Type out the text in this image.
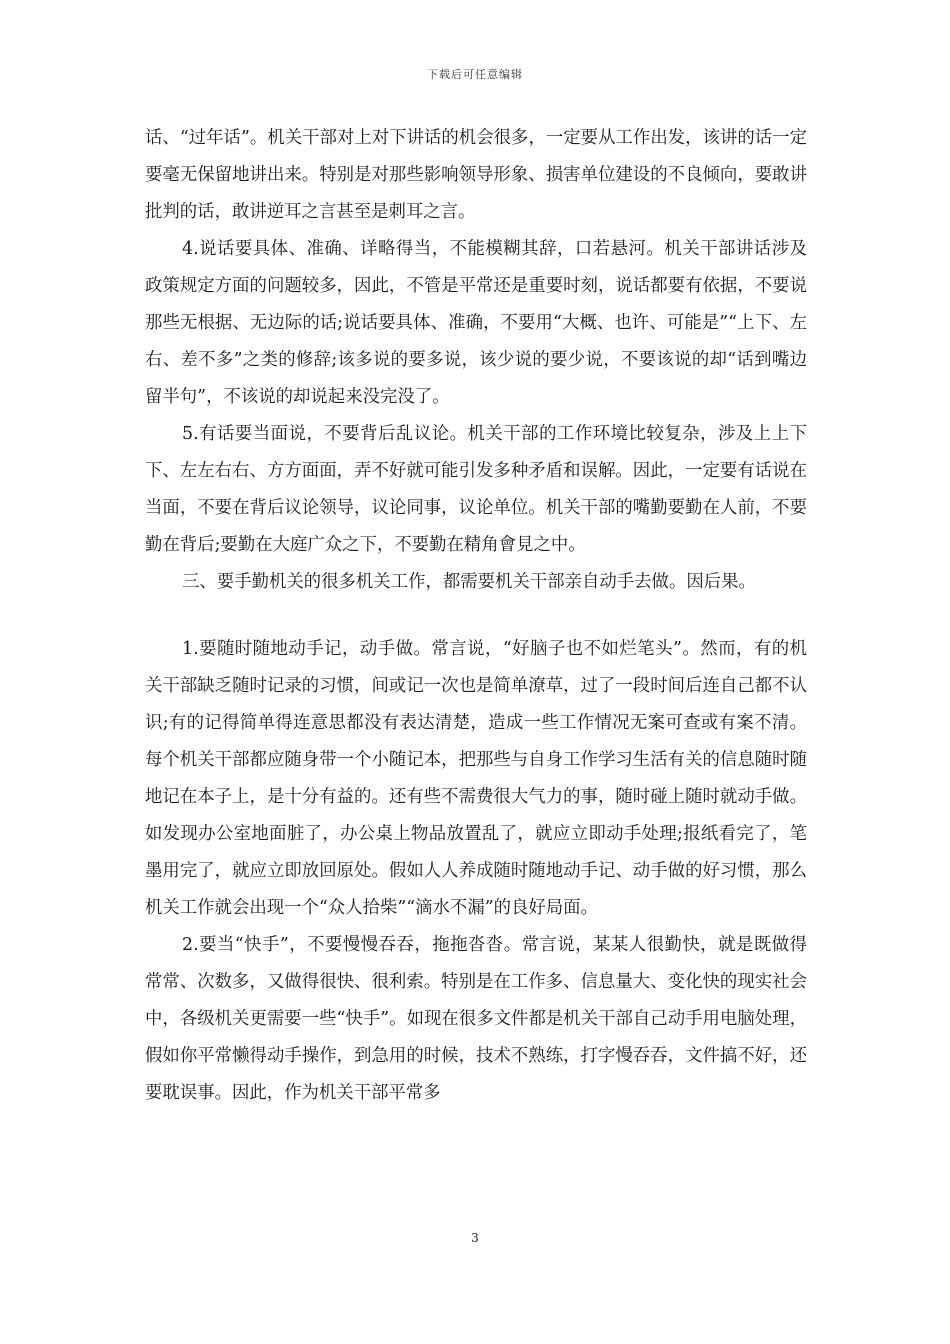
下载后可任意编辑

话、“过年话”。机关干部对上对下讲话的机会很多，一定要从工作出发，该讲的话一定要毫无保留地讲出来。特别是对那些影响领导形象、损害单位建设的不良倾向，要敢讲批判的话，敢讲逆耳之言甚至是刺耳之言。

4.说话要具体、准确、详略得当，不能模糊其辞，口若悬河。机关干部讲话涉及政策规定方面的问题较多，因此，不管是平常还是重要时刻，说话都要有依据，不要说那些无根据、无边际的话;说话要具体、准确，不要用“大概、也许、可能是”“上下、左右、差不多”之类的修辞;该多说的要多说，该少说的要少说，不要该说的却“话到嘴边留半句”，不该说的却说起来没完没了。

5.有话要当面说，不要背后乱议论。机关干部的工作环境比较复杂，涉及上上下下、左左右右、方方面面，弄不好就可能引发多种矛盾和误解。因此，一定要有话说在当面，不要在背后议论领导，议论同事，议论单位。机关干部的嘴勤要勤在人前，不要勤在背后;要勤在大庭广众之下，不要勤在精角會見之中。

三、要手勤机关的很多机关工作，都需要机关干部亲自动手去做。因后果。

1.要随时随地动手记，动手做。常言说，“好脑子也不如烂笔头”。然而，有的机关干部缺乏随时记录的习惯，间或记一次也是简单潦草，过了一段时间后连自己都不认识;有的记得简单得连意思都没有表达清楚，造成一些工作情况无案可查或有案不清。每个机关干部都应随身带一个小随记本，把那些与自身工作学习生活有关的信息随时随地记在本子上，是十分有益的。还有些不需费很大气力的事，随时碰上随时就动手做。如发现办公室地面脏了，办公桌上物品放置乱了，就应立即动手处理;报纸看完了，笔墨用完了，就应立即放回原处。假如人人养成随时随地动手记、动手做的好习惯，那么机关工作就会出现一个“众人拾柴”“滴水不漏”的良好局面。

2.要当“快手”，不要慢慢吞吞，拖拖沓沓。常言说，某某人很勤快，就是既做得常常、次数多，又做得很快、很利索。特别是在工作多、信息量大、变化快的现实社会中，各级机关更需要一些“快手”。如现在很多文件都是机关干部自己动手用电脑处理，假如你平常懒得动手操作，到急用的时候，技术不熟练，打字慢吞吞，文件搞不好，还要耽误事。因此，作为机关干部平常多

3
